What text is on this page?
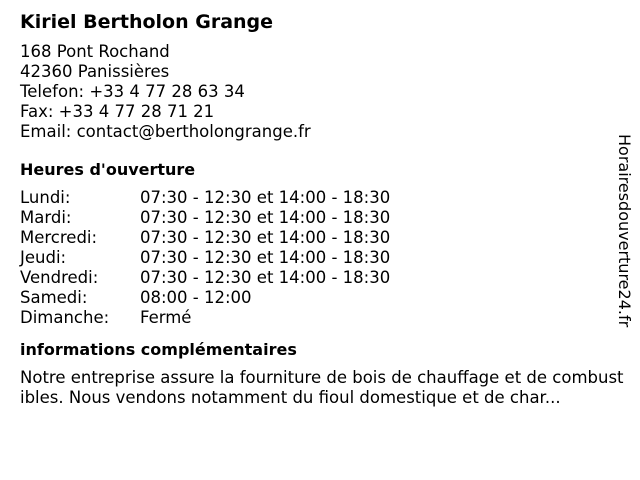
Kiriel Bertholon Grange
168 Pont Rochand
42360 Panissières
Telefon: +33 4 77 28 63 34
Fax: +33 4 77 28 71 21
Email: contact@bertholongrange.fr
Heures d'ouverture
Lundi:	07:30 - 12:30 et 14:00 - 18:30
Mardi:	07:30 - 12:30 et 14:00 - 18:30
Mercredi:	07:30 - 12:30 et 14:00 - 18:30
Jeudi:	07:30 - 12:30 et 14:00 - 18:30
Vendredi:	07:30 - 12:30 et 14:00 - 18:30
Samedi:	08:00 - 12:00
Dimanche:	Fermé
informations complémentaires
Notre entreprise assure la fourniture de bois de chauffage et de combustibles. Nous vendons notamment du fioul domestique et de char...
Horairesdouverture24.fr
